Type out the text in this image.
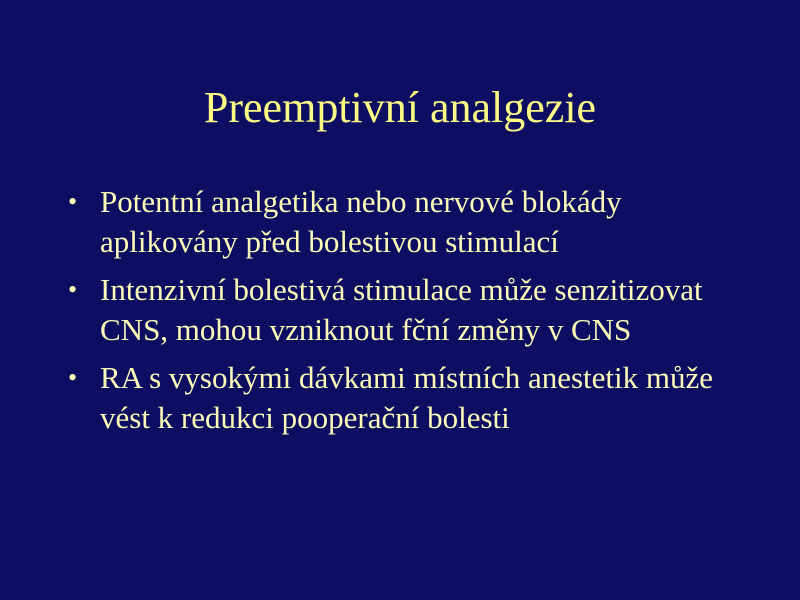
Preemptivní analgezie
• Potentní analgetika nebo nervové blokády aplikovány před bolestivou stimulací
• Intenzivní bolestivá stimulace může senzitizovat CNS, mohou vzniknout fční změny v CNS
• RA s vysokými dávkami místních anestetik může vést k redukci pooperační bolesti
